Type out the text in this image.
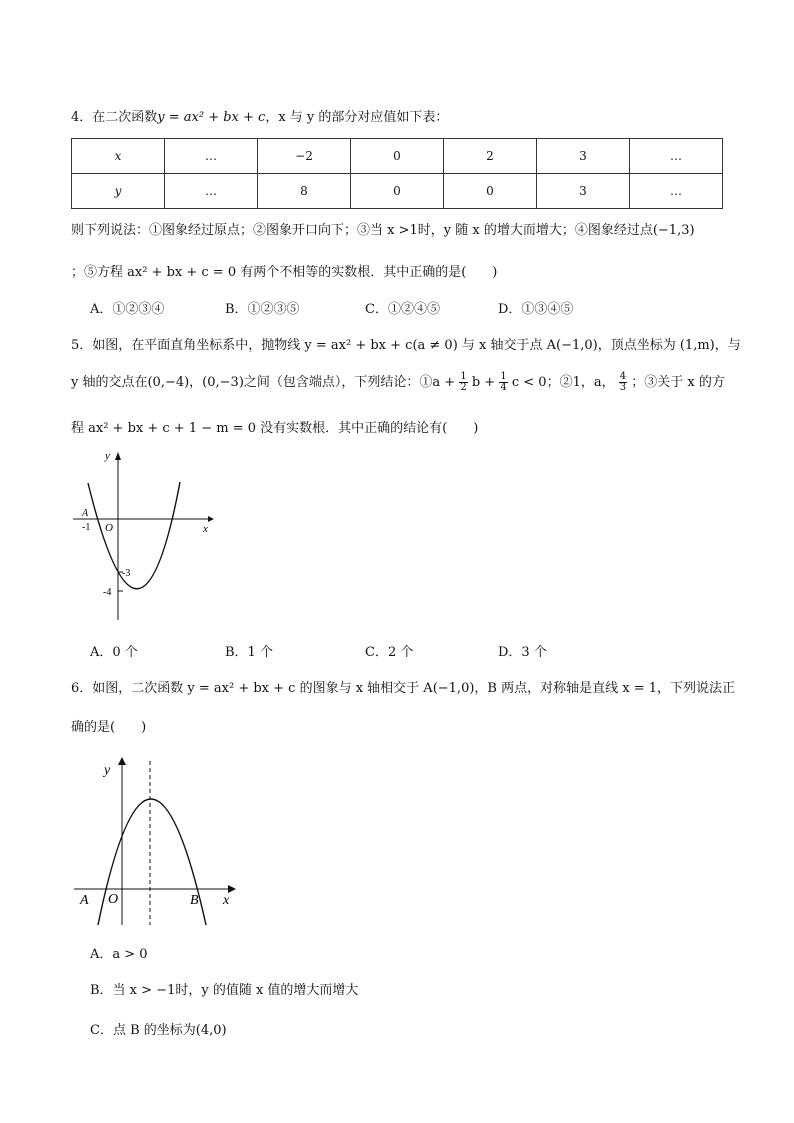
4．在二次函数y = ax² + bx + c，x 与 y 的部分对应值如下表：
x	…	−2	0	2	3	…
y	…	8	0	0	3	…
则下列说法：①图象经过原点；②图象开口向下；③当 x >1时，y 随 x 的增大而增大；④图象经过点(−1,3)
；⑤方程 ax² + bx + c = 0 有两个不相等的实数根．其中正确的是(　　)
A．①②③④	B．①②③⑤	C．①②④⑤	D．①③④⑤
5．如图，在平面直角坐标系中，抛物线 y = ax² + bx + c(a ≠ 0) 与 x 轴交于点 A(−1,0)，顶点坐标为 (1,m)，与
y 轴的交点在(0,−4)，(0,−3)之间（包含端点），下列结论：①a + $\frac{1}{2}$ $b + \frac{1}{4}$ c < 0；②1，a， $\frac{4}{3}$ ；③关于 x 的方
程 ax² + bx + c + 1 − m = 0 没有实数根．其中正确的结论有(　　)
y
x
O
A
-1
-3
-4
A．0 个	B．1 个	C．2 个	D．3 个
6．如图，二次函数 y = ax² + bx + c 的图象与 x 轴相交于 A(−1,0)，B 两点，对称轴是直线 x = 1，下列说法正
确的是(　　)
y
x
O
A	B
A．a > 0
B．当 x > −1时，y 的值随 x 值的增大而增大
C．点 B 的坐标为(4,0)
